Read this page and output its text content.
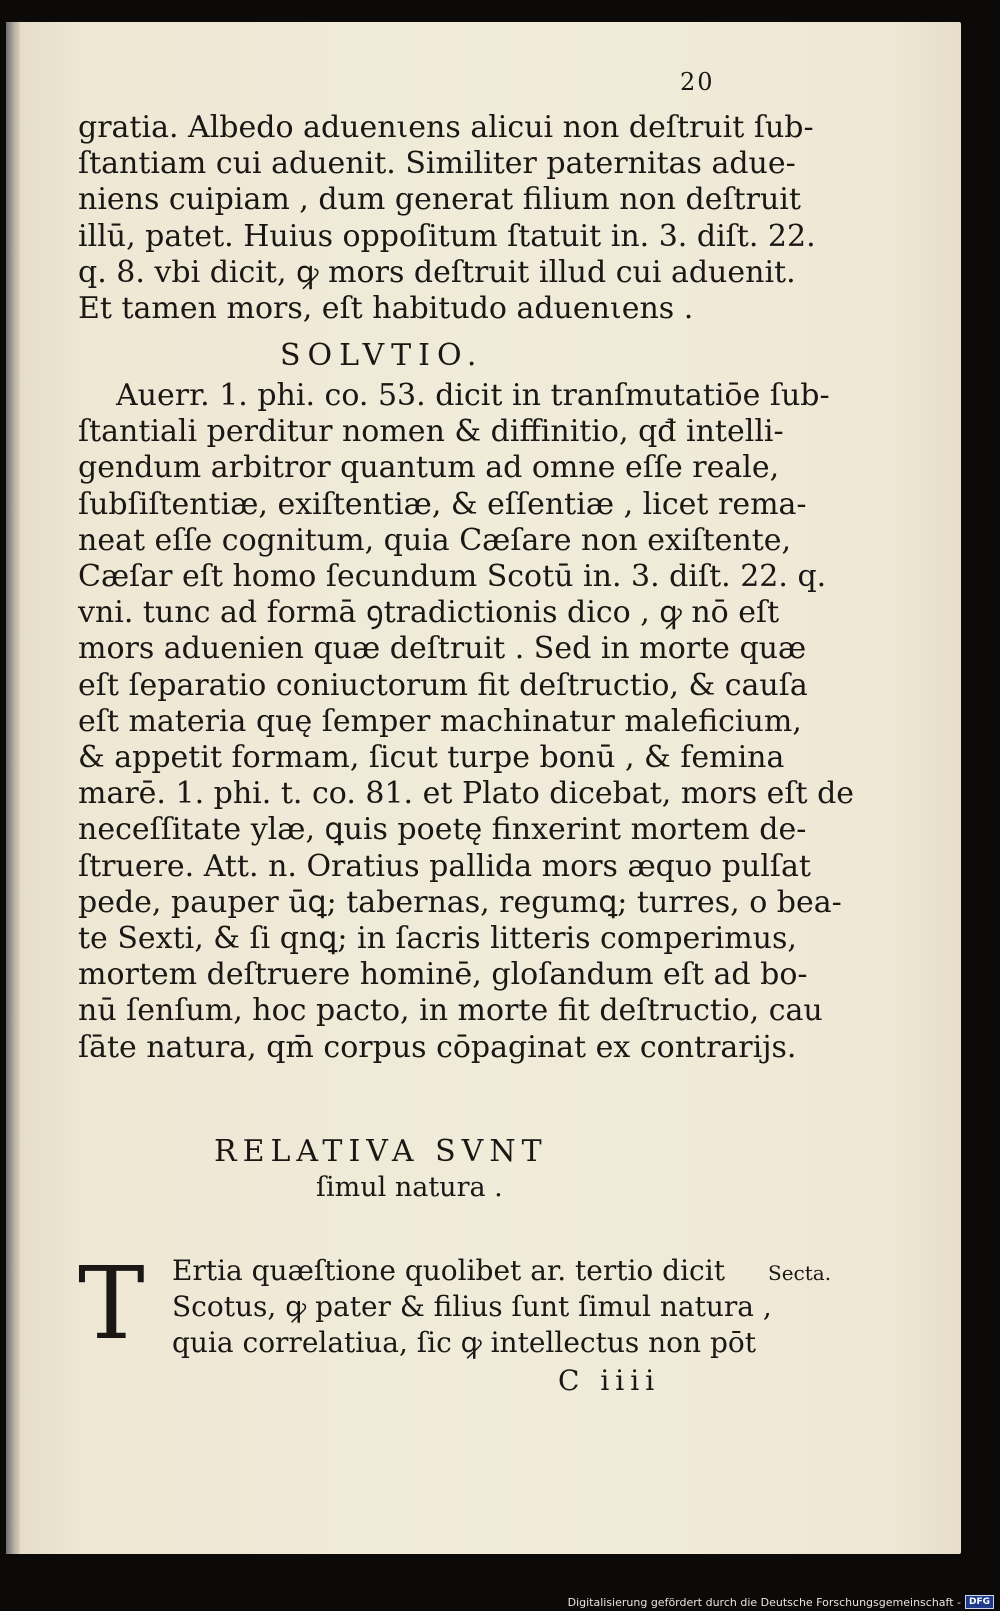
20
gratia. Albedo aduenιens alicui non deſtruit ſub-
ſtantiam cui aduenit. Similiter paternitas adue-
niens cuipiam , dum generat filium non deſtruit
illū, patet. Huius oppoſitum ſtatuit in. 3. diſt. 22.
q. 8. vbi dicit, ꝙ mors deſtruit illud cui aduenit.
Et tamen mors, eſt habitudo aduenιens .
SOLVTIO.
Auerr. 1. phi. co. 53. dicit in tranſmutatiōe ſub-
ſtantiali perditur nomen & diffinitio, qđ intelli-
gendum arbitror quantum ad omne eſſe reale,
ſubſiſtentiæ, exiſtentiæ, & eſſentiæ , licet rema-
neat eſſe cognitum, quia Cæſare non exiſtente,
Cæſar eſt homo ſecundum Scotū in. 3. diſt. 22. q.
vni. tunc ad formā ꝯtradictionis dico , ꝙ nō eſt
mors aduenien quæ deſtruit . Sed in morte quæ
eſt ſeparatio coniuctorum fit deſtructio, & cauſa
eſt materia quę ſemper machinatur maleficium,
& appetit formam, ſicut turpe bonū , & femina
marē. 1. phi. t. co. 81. et Plato dicebat, mors eſt de
neceſſitate ylæ, ꝗuis poetę finxerint mortem de-
ſtruere. Att. n. Oratius pallida mors æquo pulſat
pede, pauper ūꝗ; tabernas, regumꝗ; turres, o bea-
te Sexti, & ſi qnꝗ; in ſacris litteris comperimus,
mortem deſtruere hominē, gloſandum eſt ad bo-
nū ſenſum, hoc pacto, in morte fit deſtructio, cau
ſāte natura, qm̄ corpus cōpaginat ex contrarijs.
RELATIVA SVNT
ſimul natura .
T Ertia quæſtione quolibet ar. tertio dicit
Scotus, ꝙ pater & filius ſunt ſimul natura ,
quia correlatiua, ſic ꝙ intellectus non pōt
Secta.
C iiii
Digitalisierung gefördert durch die Deutsche Forschungsgemeinschaft - DFG
